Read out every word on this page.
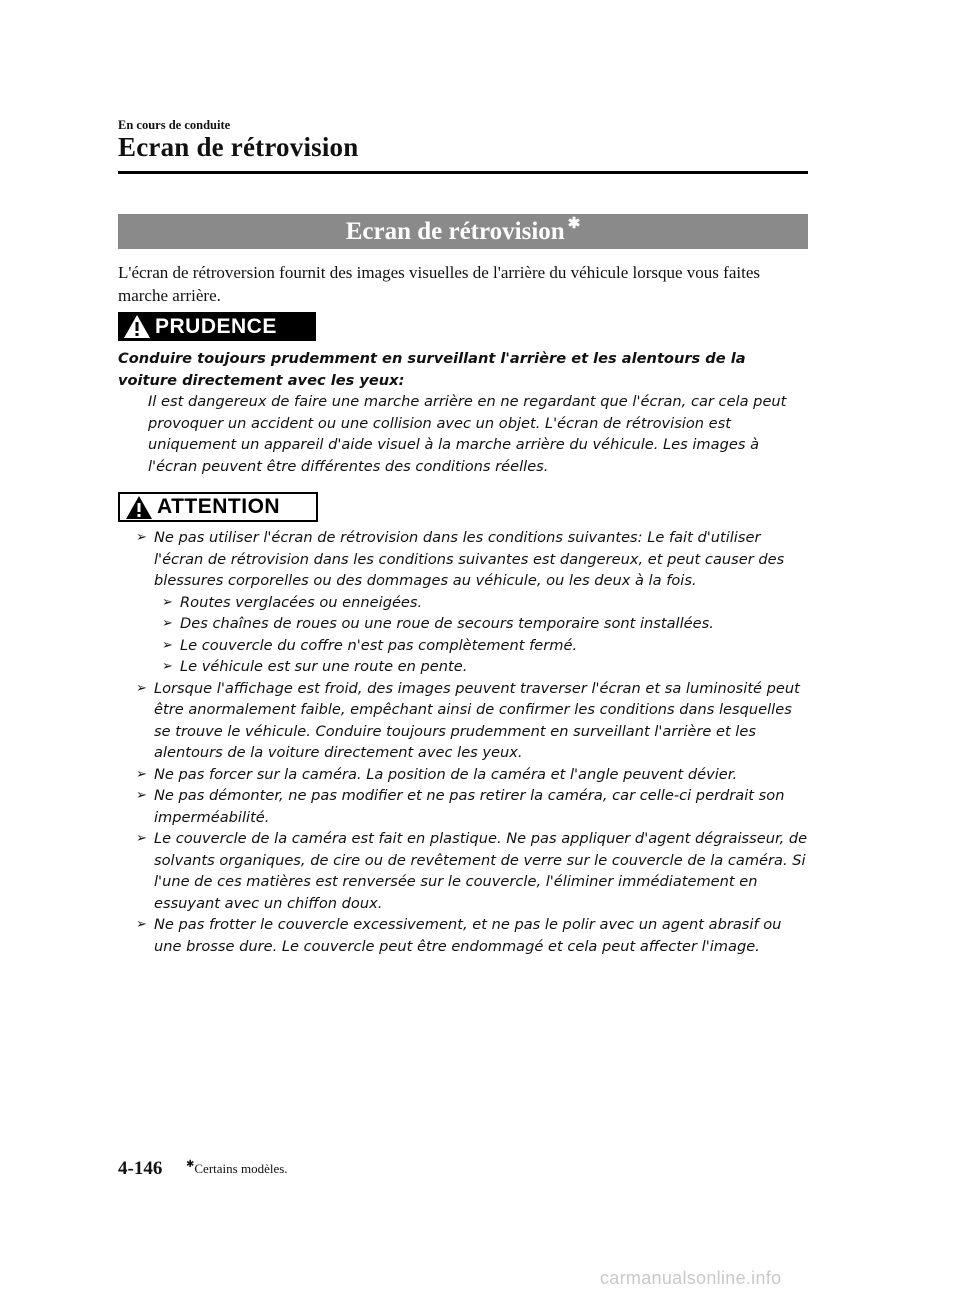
En cours de conduite
Ecran de rétrovision
Ecran de rétrovision ✱
L'écran de rétroversion fournit des images visuelles de l'arrière du véhicule lorsque vous faites marche arrière.
PRUDENCE
Conduire toujours prudemment en surveillant l'arrière et les alentours de la voiture directement avec les yeux:
Il est dangereux de faire une marche arrière en ne regardant que l'écran, car cela peut provoquer un accident ou une collision avec un objet. L'écran de rétrovision est uniquement un appareil d'aide visuel à la marche arrière du véhicule. Les images à l'écran peuvent être différentes des conditions réelles.
ATTENTION
➢ Ne pas utiliser l'écran de rétrovision dans les conditions suivantes: Le fait d'utiliser l'écran de rétrovision dans les conditions suivantes est dangereux, et peut causer des blessures corporelles ou des dommages au véhicule, ou les deux à la fois.
➢ Routes verglacées ou enneigées.
➢ Des chaînes de roues ou une roue de secours temporaire sont installées.
➢ Le couvercle du coffre n'est pas complètement fermé.
➢ Le véhicule est sur une route en pente.
➢ Lorsque l'affichage est froid, des images peuvent traverser l'écran et sa luminosité peut être anormalement faible, empêchant ainsi de confirmer les conditions dans lesquelles se trouve le véhicule. Conduire toujours prudemment en surveillant l'arrière et les alentours de la voiture directement avec les yeux.
➢ Ne pas forcer sur la caméra. La position de la caméra et l'angle peuvent dévier.
➢ Ne pas démonter, ne pas modifier et ne pas retirer la caméra, car celle-ci perdrait son imperméabilité.
➢ Le couvercle de la caméra est fait en plastique. Ne pas appliquer d'agent dégraisseur, de solvants organiques, de cire ou de revêtement de verre sur le couvercle de la caméra. Si l'une de ces matières est renversée sur le couvercle, l'éliminer immédiatement en essuyant avec un chiffon doux.
➢ Ne pas frotter le couvercle excessivement, et ne pas le polir avec un agent abrasif ou une brosse dure. Le couvercle peut être endommagé et cela peut affecter l'image.
4-146 ✱Certains modèles.
carmanualsonline.info
